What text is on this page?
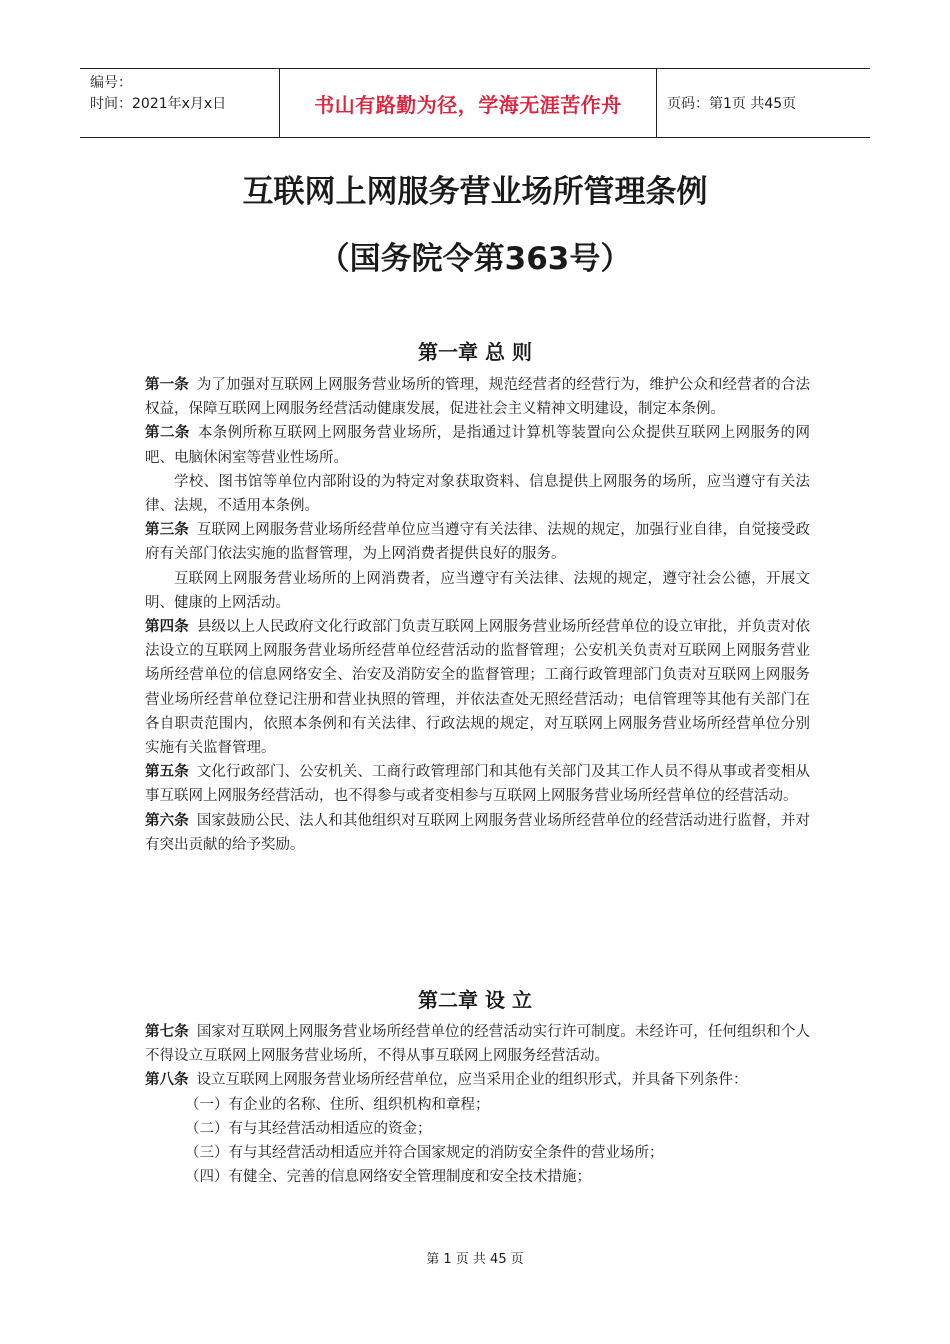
编号：
时间：2021年x月x日	书山有路勤为径，学海无涯苦作舟	页码：第1页 共45页
互联网上网服务营业场所管理条例
（国务院令第363号）
第一章 总 则

第一条 为了加强对互联网上网服务营业场所的管理，规范经营者的经营行为，维护公众和经营者的合法权益，保障互联网上网服务经营活动健康发展，促进社会主义精神文明建设，制定本条例。

第二条 本条例所称互联网上网服务营业场所，是指通过计算机等装置向公众提供互联网上网服务的网吧、电脑休闲室等营业性场所。

学校、图书馆等单位内部附设的为特定对象获取资料、信息提供上网服务的场所，应当遵守有关法律、法规，不适用本条例。

第三条 互联网上网服务营业场所经营单位应当遵守有关法律、法规的规定，加强行业自律，自觉接受政府有关部门依法实施的监督管理，为上网消费者提供良好的服务。

互联网上网服务营业场所的上网消费者，应当遵守有关法律、法规的规定，遵守社会公德，开展文明、健康的上网活动。

第四条 县级以上人民政府文化行政部门负责互联网上网服务营业场所经营单位的设立审批，并负责对依法设立的互联网上网服务营业场所经营单位经营活动的监督管理；公安机关负责对互联网上网服务营业场所经营单位的信息网络安全、治安及消防安全的监督管理；工商行政管理部门负责对互联网上网服务营业场所经营单位登记注册和营业执照的管理，并依法查处无照经营活动；电信管理等其他有关部门在各自职责范围内，依照本条例和有关法律、行政法规的规定，对互联网上网服务营业场所经营单位分别实施有关监督管理。

第五条 文化行政部门、公安机关、工商行政管理部门和其他有关部门及其工作人员不得从事或者变相从事互联网上网服务经营活动，也不得参与或者变相参与互联网上网服务营业场所经营单位的经营活动。

第六条 国家鼓励公民、法人和其他组织对互联网上网服务营业场所经营单位的经营活动进行监督，并对有突出贡献的给予奖励。

第二章 设 立

第七条 国家对互联网上网服务营业场所经营单位的经营活动实行许可制度。未经许可，任何组织和个人不得设立互联网上网服务营业场所，不得从事互联网上网服务经营活动。

第八条 设立互联网上网服务营业场所经营单位，应当采用企业的组织形式，并具备下列条件：

（一）有企业的名称、住所、组织机构和章程；

（二）有与其经营活动相适应的资金；

（三）有与其经营活动相适应并符合国家规定的消防安全条件的营业场所；

（四）有健全、完善的信息网络安全管理制度和安全技术措施；

第 1 页 共 45 页
